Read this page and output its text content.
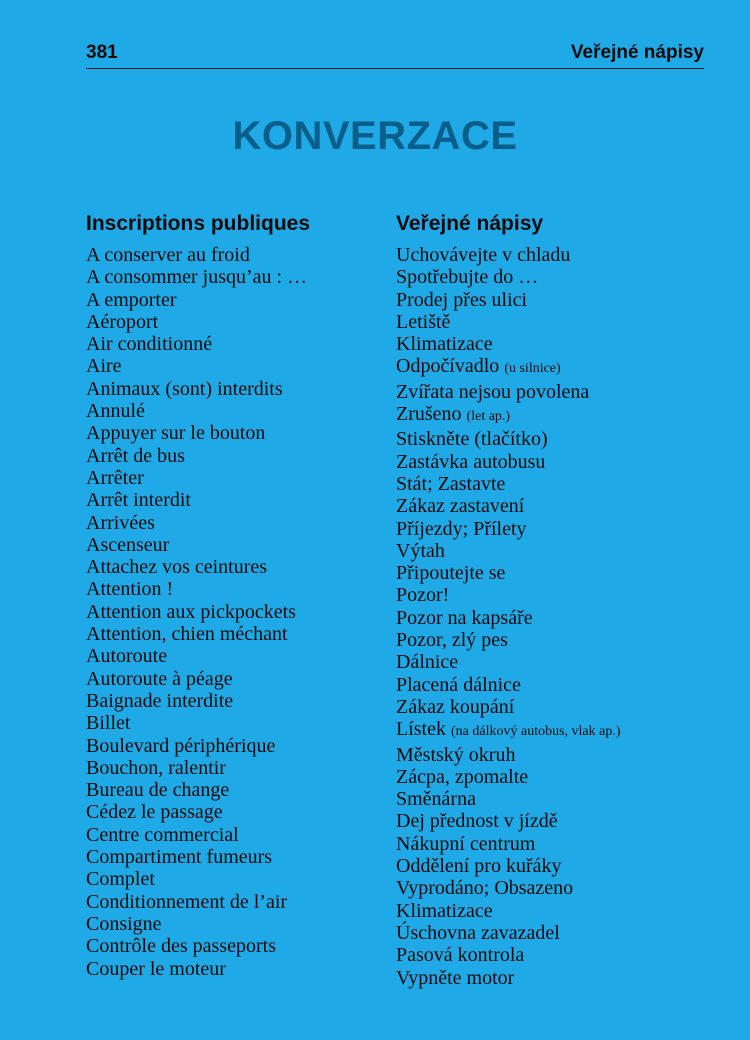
381	Veřejné nápisy
KONVERZACE
Inscriptions publiques
A conserver au froid
A consommer jusqu’au : …
A emporter
Aéroport
Air conditionné
Aire
Animaux (sont) interdits
Annulé
Appuyer sur le bouton
Arrêt de bus
Arrêter
Arrêt interdit
Arrivées
Ascenseur
Attachez vos ceintures
Attention !
Attention aux pickpockets
Attention, chien méchant
Autoroute
Autoroute à péage
Baignade interdite
Billet
Boulevard périphérique
Bouchon, ralentir
Bureau de change
Cédez le passage
Centre commercial
Compartiment fumeurs
Complet
Conditionnement de l’air
Consigne
Contrôle des passeports
Couper le moteur
Veřejné nápisy
Uchovávejte v chladu
Spotřebujte do …
Prodej přes ulici
Letiště
Klimatizace
Odpočívadlo (u silnice)
Zvířata nejsou povolena
Zrušeno (let ap.)
Stiskněte (tlačítko)
Zastávka autobusu
Stát; Zastavte
Zákaz zastavení
Příjezdy; Přílety
Výtah
Připoutejte se
Pozor!
Pozor na kapsáře
Pozor, zlý pes
Dálnice
Placená dálnice
Zákaz koupání
Lístek (na dálkový autobus, vlak ap.)
Městský okruh
Zácpa, zpomalte
Směnárna
Dej přednost v jízdě
Nákupní centrum
Oddělení pro kuřáky
Vyprodáno; Obsazeno
Klimatizace
Úschovna zavazadel
Pasová kontrola
Vypněte motor
